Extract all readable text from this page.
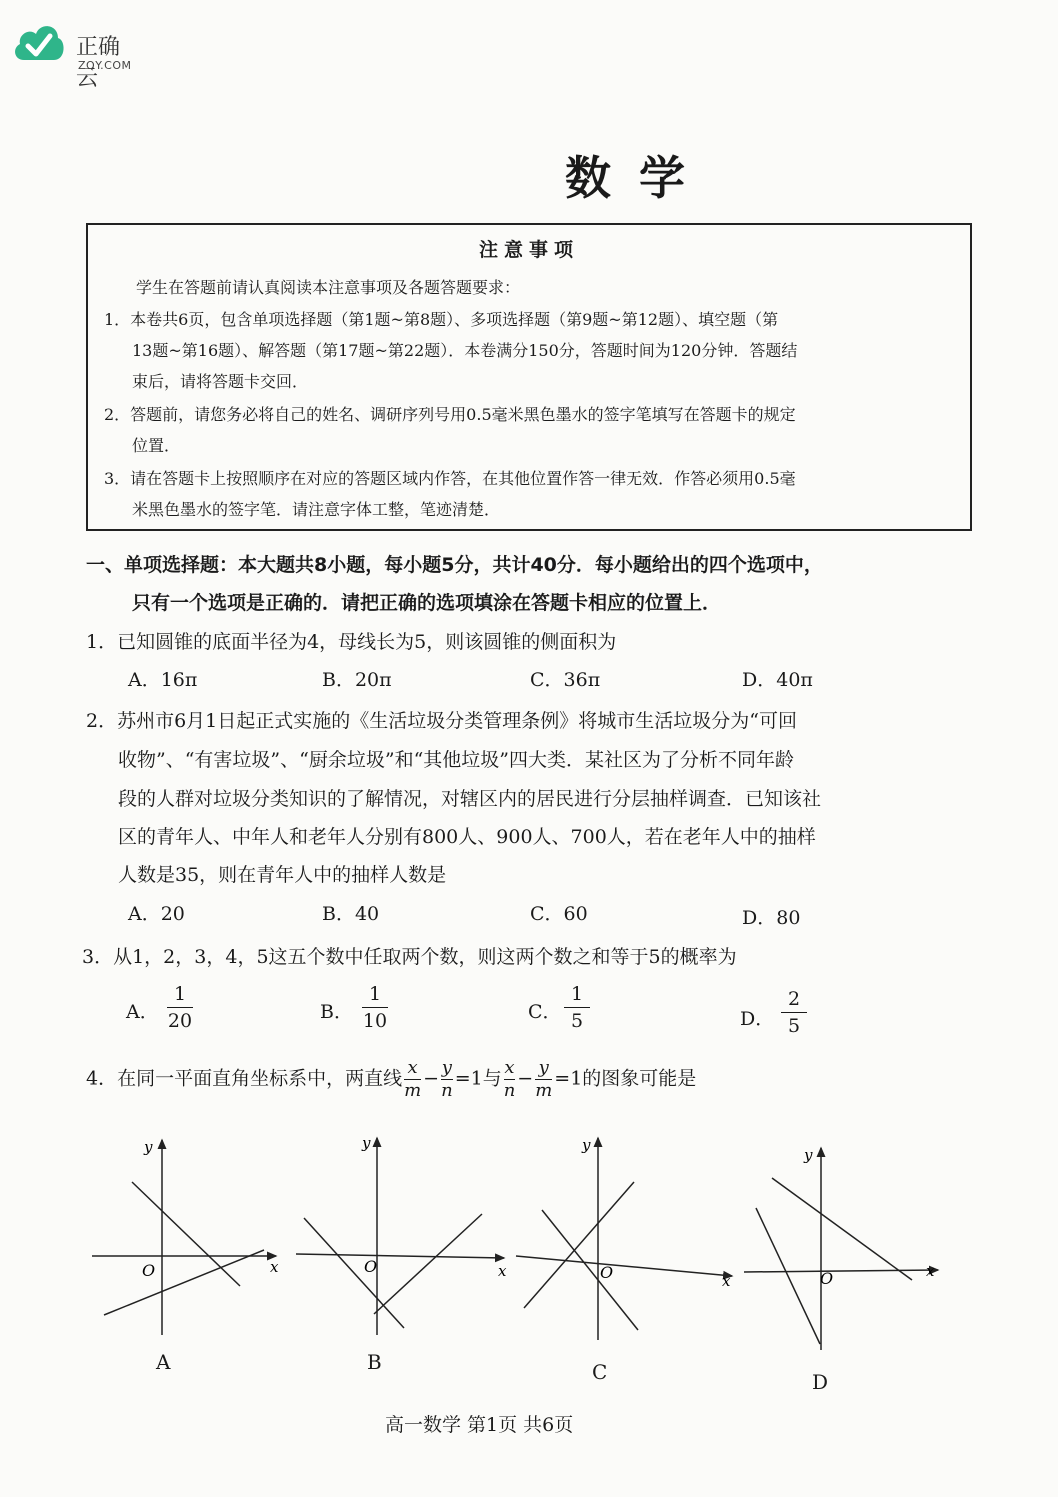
正确云
ZQY.COM
数学
注意事项
学生在答题前请认真阅读本注意事项及各题答题要求：
1．本卷共6页，包含单项选择题（第1题~第8题）、多项选择题（第9题~第12题）、填空题（第
13题~第16题）、解答题（第17题~第22题）．本卷满分150分，答题时间为120分钟．答题结
束后，请将答题卡交回．
2．答题前，请您务必将自己的姓名、调研序列号用0.5毫米黑色墨水的签字笔填写在答题卡的规定
位置．
3．请在答题卡上按照顺序在对应的答题区域内作答，在其他位置作答一律无效．作答必须用0.5毫
米黑色墨水的签字笔．请注意字体工整，笔迹清楚．
一、单项选择题：本大题共8小题，每小题5分，共计40分．每小题给出的四个选项中，
只有一个选项是正确的．请把正确的选项填涂在答题卡相应的位置上．
1．已知圆锥的底面半径为4，母线长为5，则该圆锥的侧面积为
A．16π	B．20π	C．36π	D．40π
2．苏州市6月1日起正式实施的《生活垃圾分类管理条例》将城市生活垃圾分为“可回
收物”、“有害垃圾”、“厨余垃圾”和“其他垃圾”四大类．某社区为了分析不同年龄
段的人群对垃圾分类知识的了解情况，对辖区内的居民进行分层抽样调查．已知该社
区的青年人、中年人和老年人分别有800人、900人、700人，若在老年人中的抽样
人数是35，则在青年人中的抽样人数是
A．20	B．40	C．60	D．80
3．从1，2，3，4，5这五个数中任取两个数，则这两个数之和等于5的概率为
A．
1
20	B．
1
10	C．
1
5	D．
2
5
4．在同一平面直角坐标系中，两直线 $\frac{x}{m} - \frac{y}{n} =1$与 $\frac{x}{n} - \frac{y}{m} =1$的图象可能是
x
y
O
A
x
y
O
B
x
y
O
C
x
y
O
D
高一数学 第1页 共6页
